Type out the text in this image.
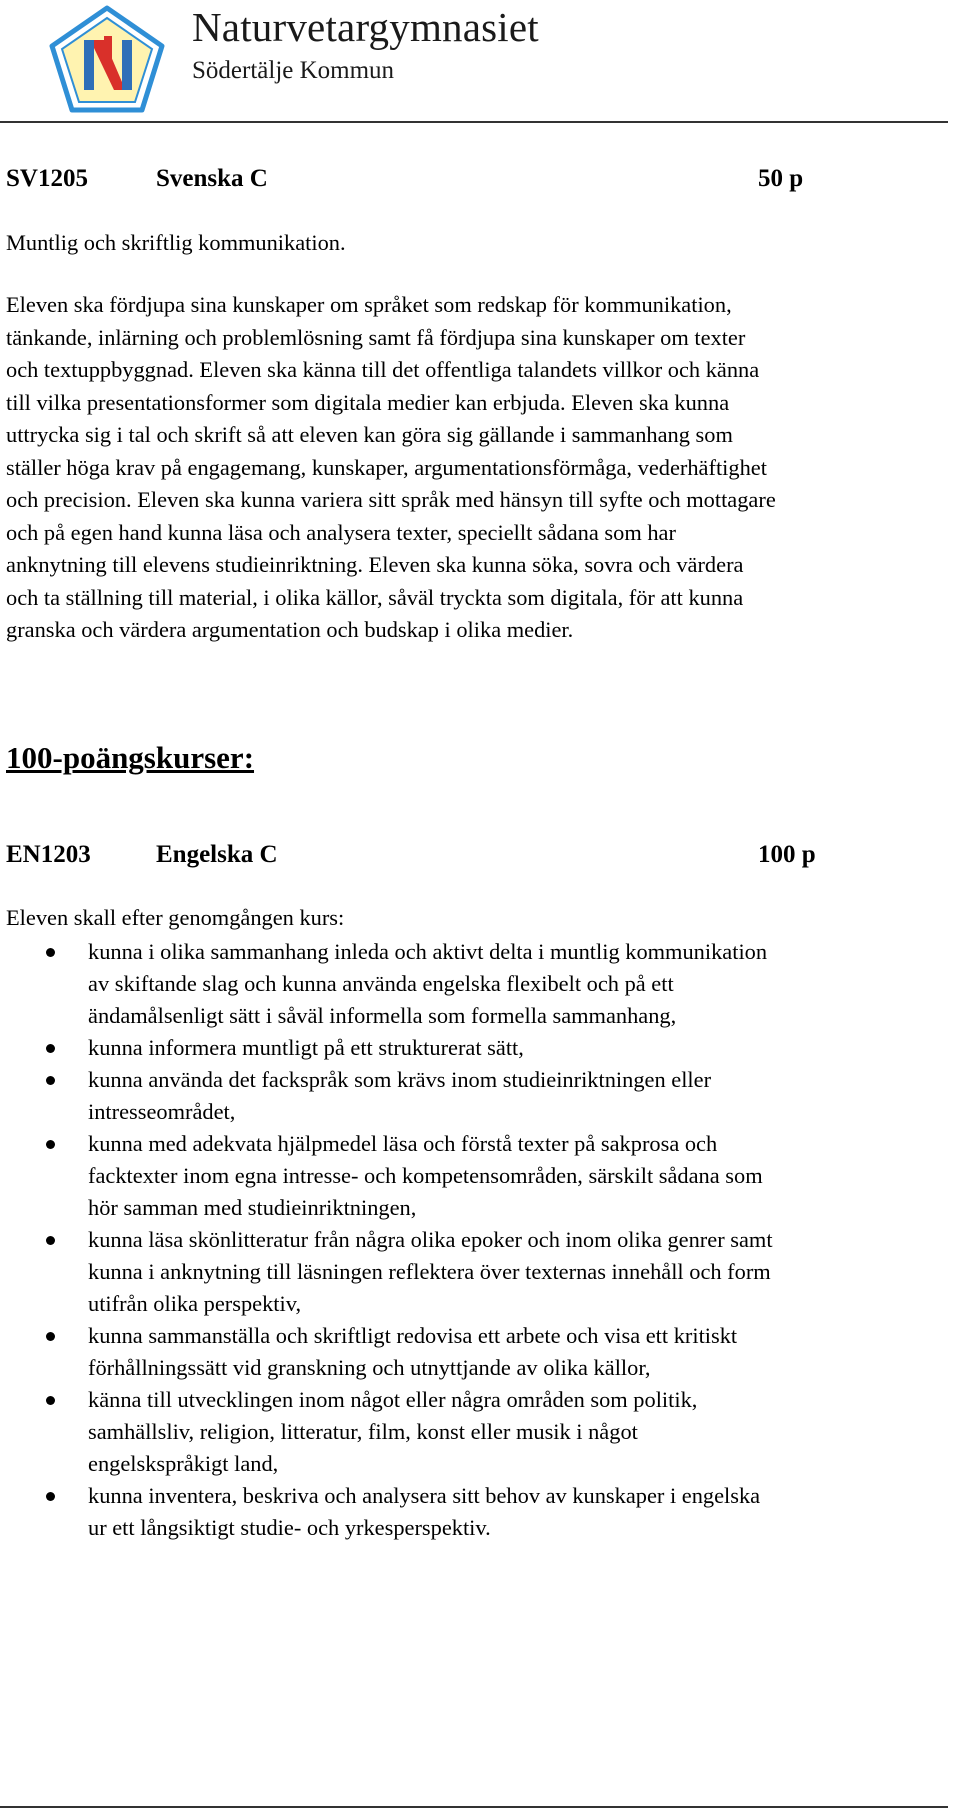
Naturvetargymnasiet
Södertälje Kommun
SV1205	Svenska C	50 p
Muntlig och skriftlig kommunikation.
Eleven ska fördjupa sina kunskaper om språket som redskap för kommunikation,
tänkande, inlärning och problemlösning samt få fördjupa sina kunskaper om texter
och textuppbyggnad. Eleven ska känna till det offentliga talandets villkor och känna
till vilka presentationsformer som digitala medier kan erbjuda. Eleven ska kunna
uttrycka sig i tal och skrift så att eleven kan göra sig gällande i sammanhang som
ställer höga krav på engagemang, kunskaper, argumentationsförmåga, vederhäftighet
och precision. Eleven ska kunna variera sitt språk med hänsyn till syfte och mottagare
och på egen hand kunna läsa och analysera texter, speciellt sådana som har
anknytning till elevens studieinriktning. Eleven ska kunna söka, sovra och värdera
och ta ställning till material, i olika källor, såväl tryckta som digitala, för att kunna
granska och värdera argumentation och budskap i olika medier.
100-poängskurser:
EN1203	Engelska C	100 p
Eleven skall efter genomgången kurs:
kunna i olika sammanhang inleda och aktivt delta i muntlig kommunikation
av skiftande slag och kunna använda engelska flexibelt och på ett
ändamålsenligt sätt i såväl informella som formella sammanhang,
kunna informera muntligt på ett strukturerat sätt,
kunna använda det fackspråk som krävs inom studieinriktningen eller
intresseområdet,
kunna med adekvata hjälpmedel läsa och förstå texter på sakprosa och
facktexter inom egna intresse- och kompetensområden, särskilt sådana som
hör samman med studieinriktningen,
kunna läsa skönlitteratur från några olika epoker och inom olika genrer samt
kunna i anknytning till läsningen reflektera över texternas innehåll och form
utifrån olika perspektiv,
kunna sammanställa och skriftligt redovisa ett arbete och visa ett kritiskt
förhållningssätt vid granskning och utnyttjande av olika källor,
känna till utvecklingen inom något eller några områden som politik,
samhällsliv, religion, litteratur, film, konst eller musik i något
engelskspråkigt land,
kunna inventera, beskriva och analysera sitt behov av kunskaper i engelska
ur ett långsiktigt studie- och yrkesperspektiv.
